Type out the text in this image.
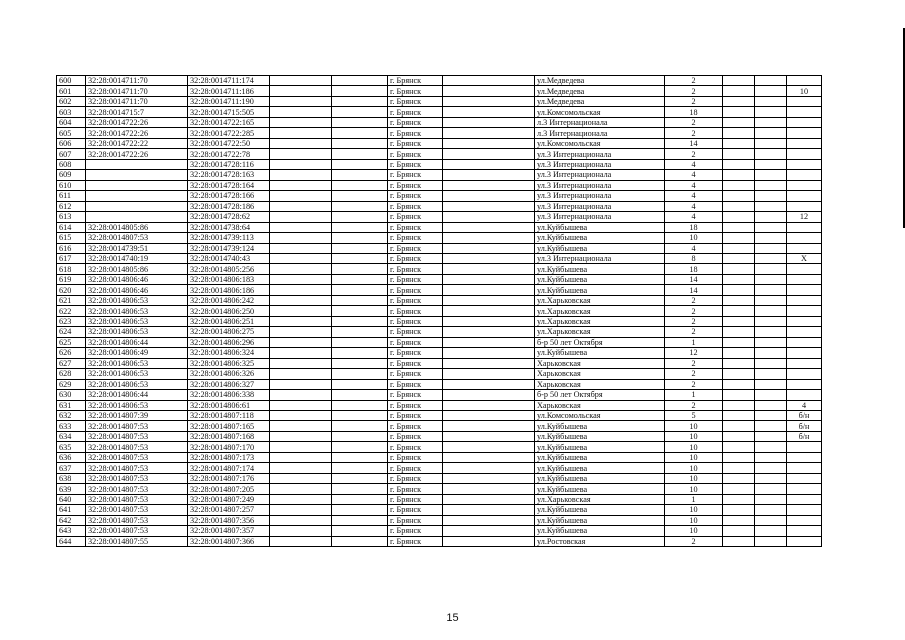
600	32:28:0014711:70	32:28:0014711:174			г. Брянск		ул.Медведева	2			
601	32:28:0014711:70	32:28:0014711:186			г. Брянск		ул.Медведева	2			10
602	32:28:0014711:70	32:28:0014711:190			г. Брянск		ул.Медведева	2			
603	32:28:0014715:7	32:28:0014715:505			г. Брянск		ул.Комсомольская	18			
604	32:28:0014722:26	32:28:0014722:165			г. Брянск		л.3 Интернационала	2			
605	32:28:0014722:26	32:28:0014722:285			г. Брянск		л.3 Интернационала	2			
606	32:28:0014722:22	32:28:0014722:50			г. Брянск		ул.Комсомольская	14			
607	32:28:0014722:26	32:28:0014722:78			г. Брянск		ул.3 Интернационала	2			
608		32:28:0014728:116			г. Брянск		ул.3 Интернационала	4			
609		32:28:0014728:163			г. Брянск		ул.3 Интернационала	4			
610		32:28:0014728:164			г. Брянск		ул.3 Интернационала	4			
611		32:28:0014728:166			г. Брянск		ул.3 Интернационала	4			
612		32:28:0014728:186			г. Брянск		ул.3 Интернационала	4			
613		32:28:0014728:62			г. Брянск		ул.3 Интернационала	4			12
614	32:28:0014805:86	32:28:0014738:64			г. Брянск		ул.Куйбышева	18			
615	32:28:0014807:53	32:28:0014739:113			г. Брянск		ул.Куйбышева	10			
616	32:28:0014739:51	32:28:0014739:124			г. Брянск		ул.Куйбышева	4			
617	32:28:0014740:19	32:28:0014740:43			г. Брянск		ул.3 Интернационала	8			X
618	32:28:0014805:86	32:28:0014805:256			г. Брянск		ул.Куйбышева	18			
619	32:28:0014806:46	32:28:0014806:183			г. Брянск		ул.Куйбышева	14			
620	32:28:0014806:46	32:28:0014806:186			г. Брянск		ул.Куйбышева	14			
621	32:28:0014806:53	32:28:0014806:242			г. Брянск		ул.Харьковская	2			
622	32:28:0014806:53	32:28:0014806:250			г. Брянск		ул.Харьковская	2			
623	32:28:0014806:53	32:28:0014806:251			г. Брянск		ул.Харьковская	2			
624	32:28:0014806:53	32:28:0014806:275			г. Брянск		ул.Харьковская	2			
625	32:28:0014806:44	32:28:0014806:296			г. Брянск		б-р 50 лет Октября	1			
626	32:28:0014806:49	32:28:0014806:324			г. Брянск		ул.Куйбышева	12			
627	32:28:0014806:53	32:28:0014806:325			г. Брянск		Харьковская	2			
628	32:28:0014806:53	32:28:0014806:326			г. Брянск		Харьковская	2			
629	32:28:0014806:53	32:28:0014806:327			г. Брянск		Харьковская	2			
630	32:28:0014806:44	32:28:0014806:338			г. Брянск		б-р 50 лет Октября	1			
631	32:28:0014806:53	32:28:0014806:61			г. Брянск		Харьковская	2			4
632	32:28:0014807:39	32:28:0014807:118			г. Брянск		ул.Комсомольская	5			б/н
633	32:28:0014807:53	32:28:0014807:165			г. Брянск		ул.Куйбышева	10			б/н
634	32:28:0014807:53	32:28:0014807:168			г. Брянск		ул.Куйбышева	10			б/н
635	32:28:0014807:53	32:28:0014807:170			г. Брянск		ул.Куйбышева	10			
636	32:28:0014807:53	32:28:0014807:173			г. Брянск		ул.Куйбышева	10			
637	32:28:0014807:53	32:28:0014807:174			г. Брянск		ул.Куйбышева	10			
638	32:28:0014807:53	32:28:0014807:176			г. Брянск		ул.Куйбышева	10			
639	32:28:0014807:53	32:28:0014807:205			г. Брянск		ул.Куйбышева	10			
640	32:28:0014807:53	32:28:0014807:249			г. Брянск		ул.Харьковская	1			
641	32:28:0014807:53	32:28:0014807:257			г. Брянск		ул.Куйбышева	10			
642	32:28:0014807:53	32:28:0014807:356			г. Брянск		ул.Куйбышева	10			
643	32:28:0014807:53	32:28:0014807:357			г. Брянск		ул.Куйбышева	10			
644	32:28:0014807:55	32:28:0014807:366			г. Брянск		ул.Ростовская	2			
15
